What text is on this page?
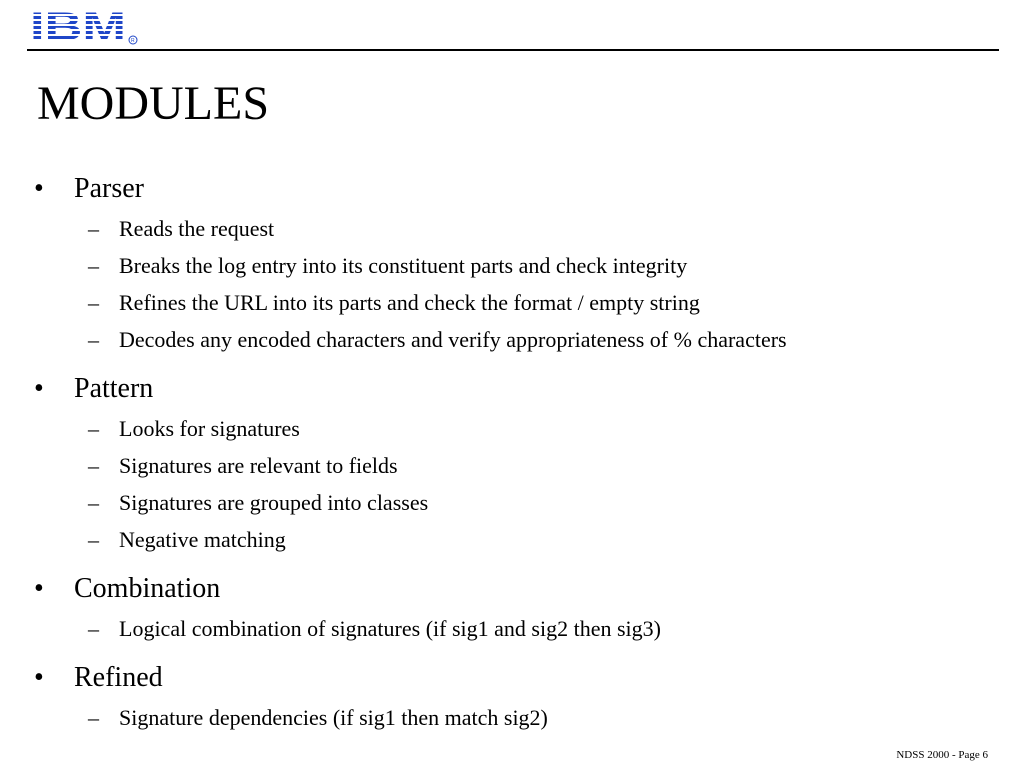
R
MODULES
• Parser
– Reads the request
– Breaks the log entry into its constituent parts and check integrity
– Refines the URL into its parts and check the format / empty string
– Decodes any encoded characters and verify appropriateness of % characters
• Pattern
– Looks for signatures
– Signatures are relevant to fields
– Signatures are grouped into classes
– Negative matching
• Combination
– Logical combination of signatures (if sig1 and sig2 then sig3)
• Refined
– Signature dependencies (if sig1 then match sig2)
NDSS 2000 - Page 6
